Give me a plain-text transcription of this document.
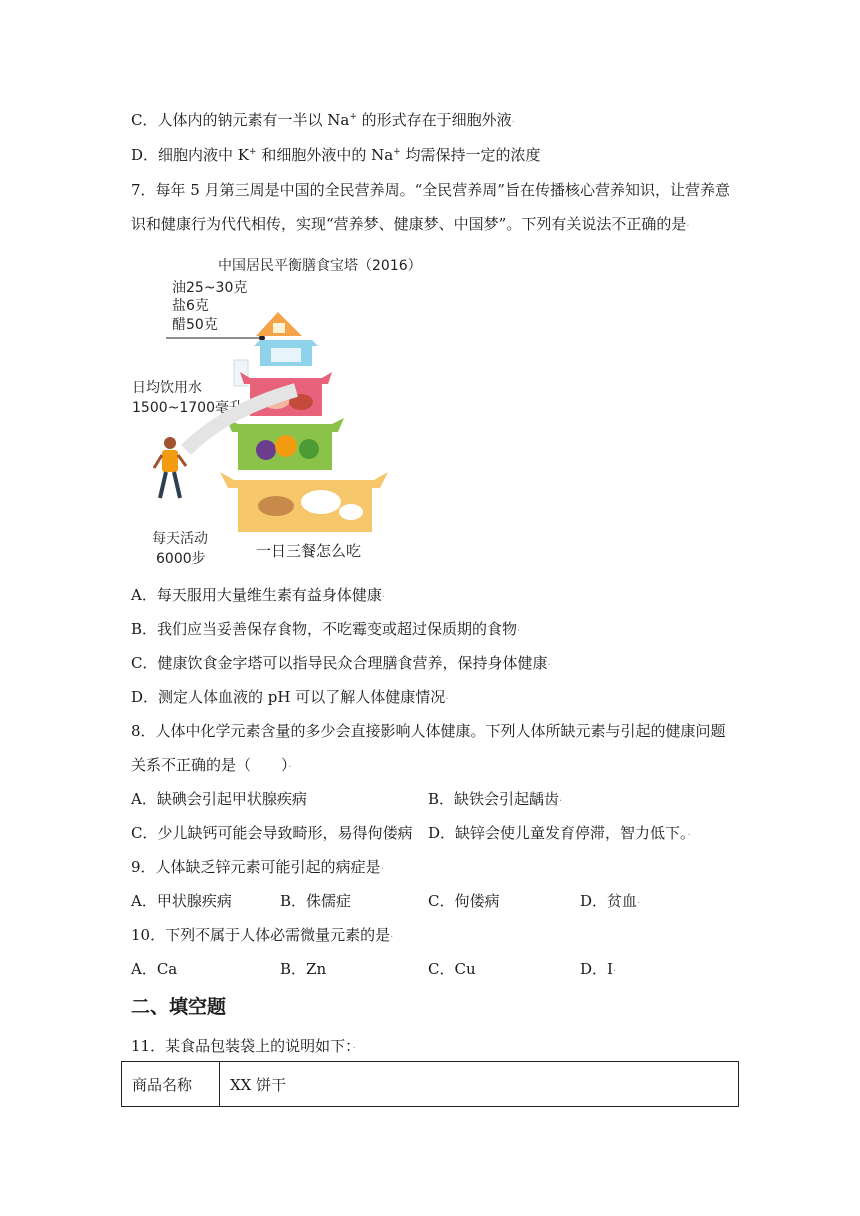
C．人体内的钠元素有一半以 Na+ 的形式存在于细胞外液·
D．细胞内液中 K+ 和细胞外液中的 Na+ 均需保持一定的浓度
7．每年 5 月第三周是中国的全民营养周。“全民营养周”旨在传播核心营养知识，让营养意
识和健康行为代代相传，实现“营养梦、健康梦、中国梦”。下列有关说法不正确的是·
中国居民平衡膳食宝塔（2016）
油25~30克
盐6克
醋50克
日均饮用水
1500~1700毫升
每天活动
6000步	一日三餐怎么吃
A．每天服用大量维生素有益身体健康·
B．我们应当妥善保存食物，不吃霉变或超过保质期的食物·
C．健康饮食金字塔可以指导民众合理膳食营养，保持身体健康·
D．测定人体血液的 pH 可以了解人体健康情况·
8．人体中化学元素含量的多少会直接影响人体健康。下列人体所缺元素与引起的健康问题
关系不正确的是（　　）·
A．缺碘会引起甲状腺疾病	B．缺铁会引起龋齿·
C．少儿缺钙可能会导致畸形，易得佝偻病 D．缺锌会使儿童发育停滞，智力低下。·
9．人体缺乏锌元素可能引起的病症是·
A．甲状腺疾病	B．侏儒症	C．佝偻病	D．贫血·
10．下列不属于人体必需微量元素的是·
A．Ca	B．Zn	C．Cu	D．I·
二、填空题
11．某食品包装袋上的说明如下：·
商品名称	XX 饼干
